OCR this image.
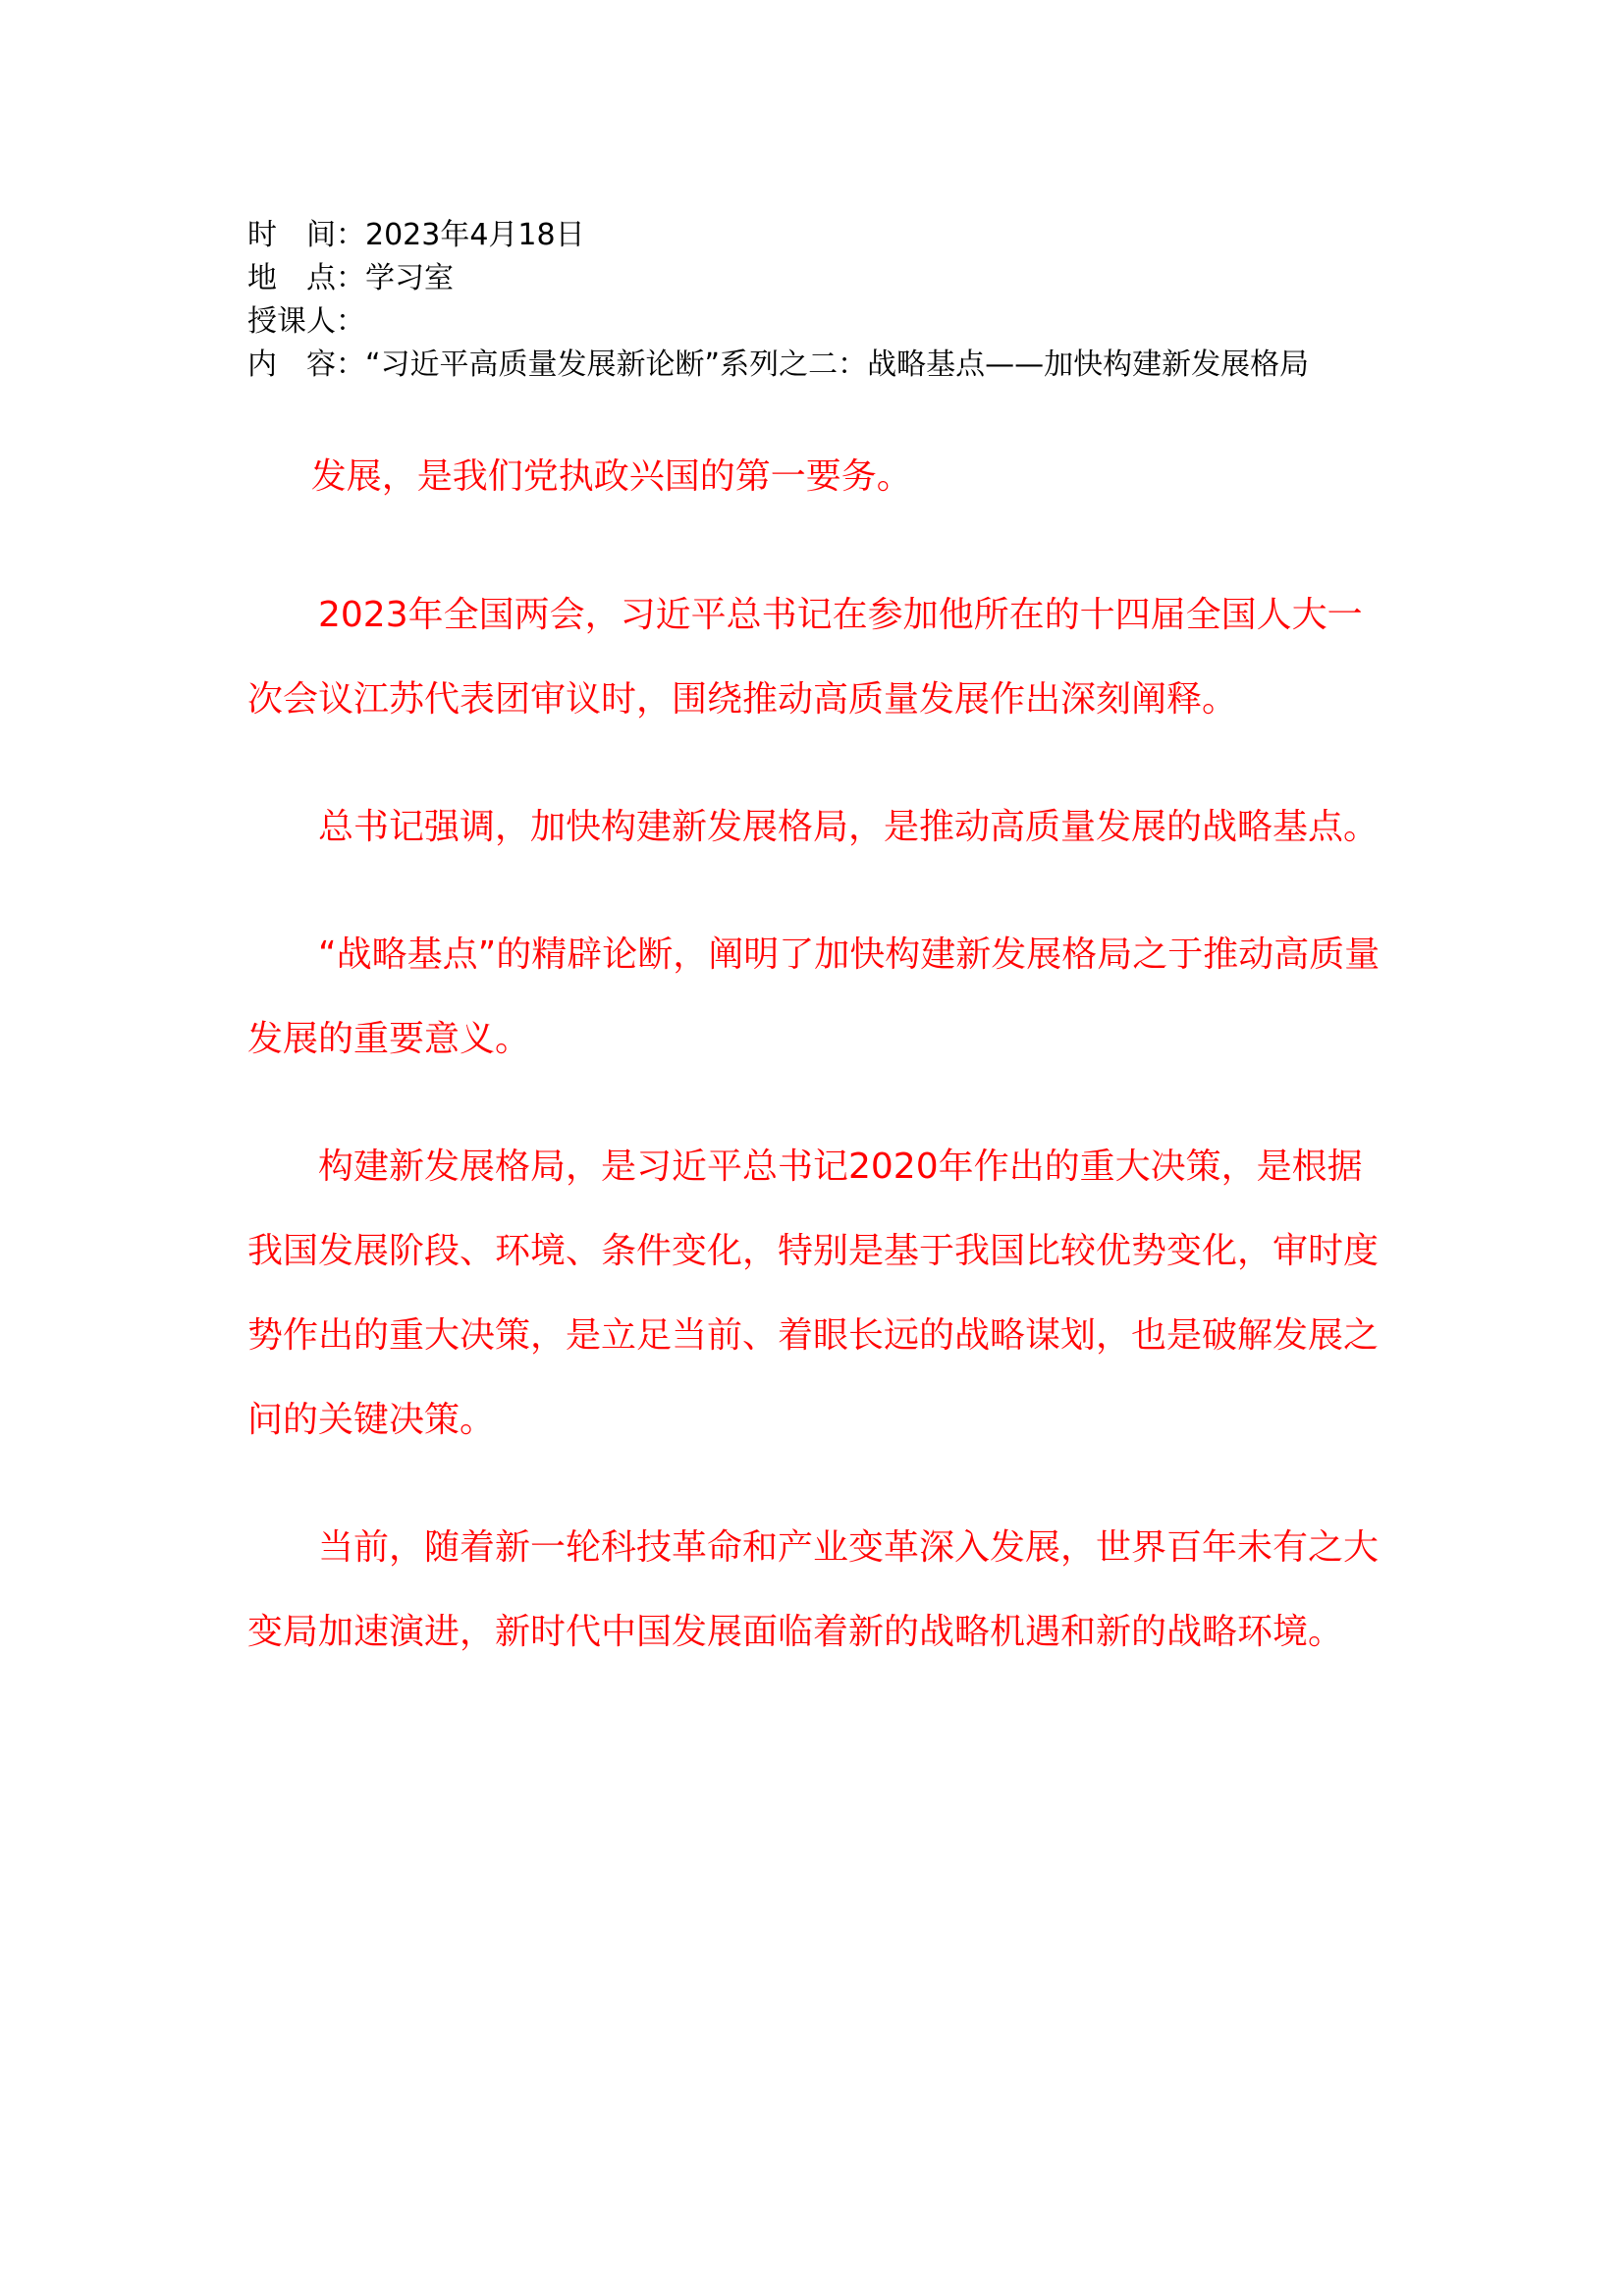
时　间：2023年4月18日
地　点：学习室
授课人：
内　容：“习近平高质量发展新论断”系列之二：战略基点——加快构建新发展格局

发展，是我们党执政兴国的第一要务。

2023年全国两会，习近平总书记在参加他所在的十四届全国人大一次会议江苏代表团审议时，围绕推动高质量发展作出深刻阐释。

总书记强调，加快构建新发展格局，是推动高质量发展的战略基点。

“战略基点”的精辟论断，阐明了加快构建新发展格局之于推动高质量发展的重要意义。

构建新发展格局，是习近平总书记2020年作出的重大决策，是根据我国发展阶段、环境、条件变化，特别是基于我国比较优势变化，审时度势作出的重大决策，是立足当前、着眼长远的战略谋划，也是破解发展之问的关键决策。

当前，随着新一轮科技革命和产业变革深入发展，世界百年未有之大变局加速演进，新时代中国发展面临着新的战略机遇和新的战略环境。
